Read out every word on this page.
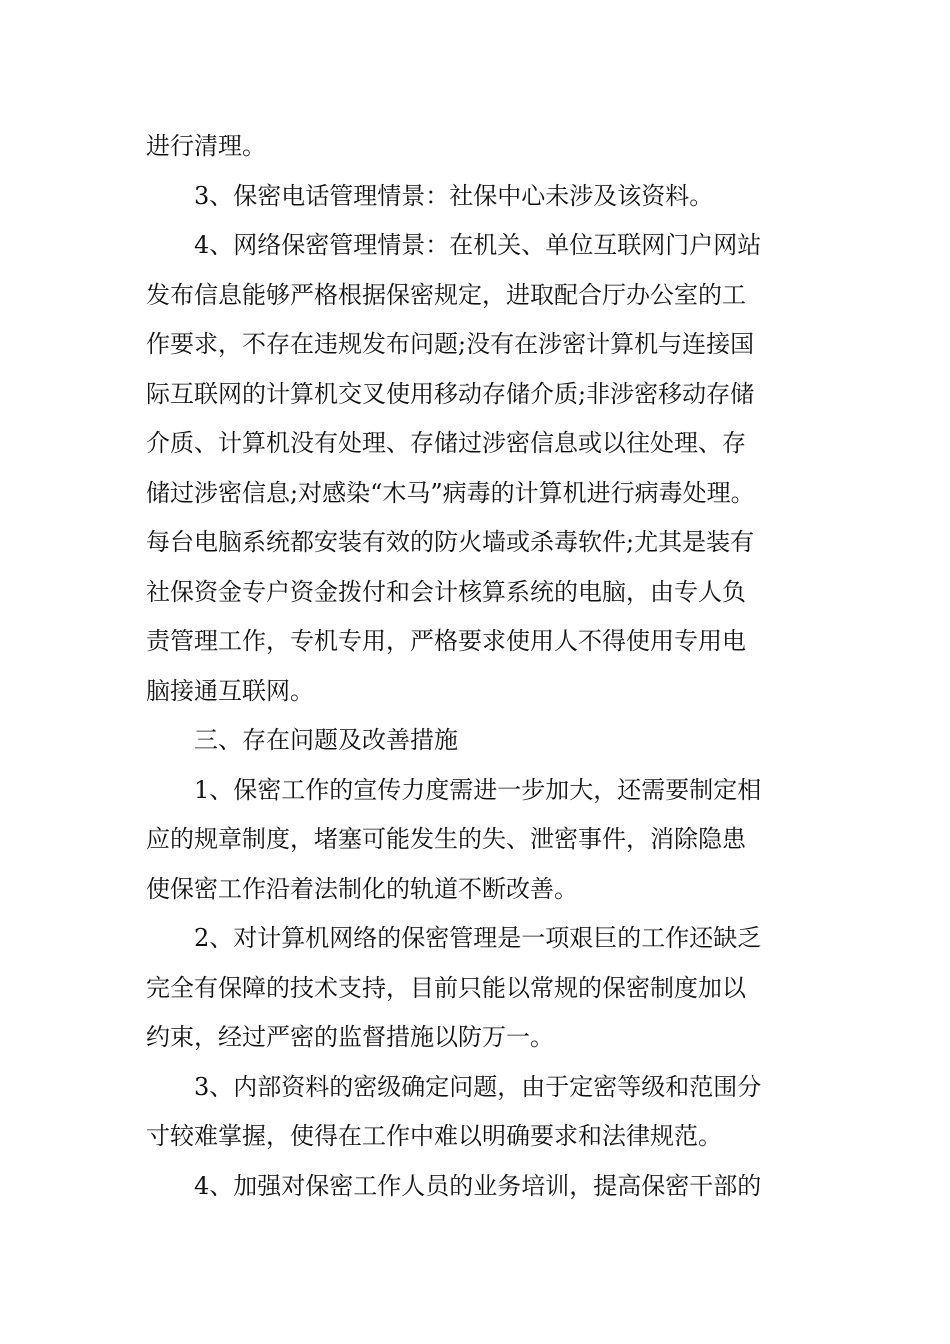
进行清理。
3、保密电话管理情景：社保中心未涉及该资料。
4、网络保密管理情景：在机关、单位互联网门户网站
发布信息能够严格根据保密规定，进取配合厅办公室的工
作要求，不存在违规发布问题;没有在涉密计算机与连接国
际互联网的计算机交叉使用移动存储介质;非涉密移动存储
介质、计算机没有处理、存储过涉密信息或以往处理、存
储过涉密信息;对感染“木马”病毒的计算机进行病毒处理。
每台电脑系统都安装有效的防火墙或杀毒软件;尤其是装有
社保资金专户资金拨付和会计核算系统的电脑，由专人负
责管理工作，专机专用，严格要求使用人不得使用专用电
脑接通互联网。
三、存在问题及改善措施
1、保密工作的宣传力度需进一步加大，还需要制定相
应的规章制度，堵塞可能发生的失、泄密事件，消除隐患
使保密工作沿着法制化的轨道不断改善。
2、对计算机网络的保密管理是一项艰巨的工作还缺乏
完全有保障的技术支持，目前只能以常规的保密制度加以
约束，经过严密的监督措施以防万一。
3、内部资料的密级确定问题，由于定密等级和范围分
寸较难掌握，使得在工作中难以明确要求和法律规范。
4、加强对保密工作人员的业务培训，提高保密干部的
